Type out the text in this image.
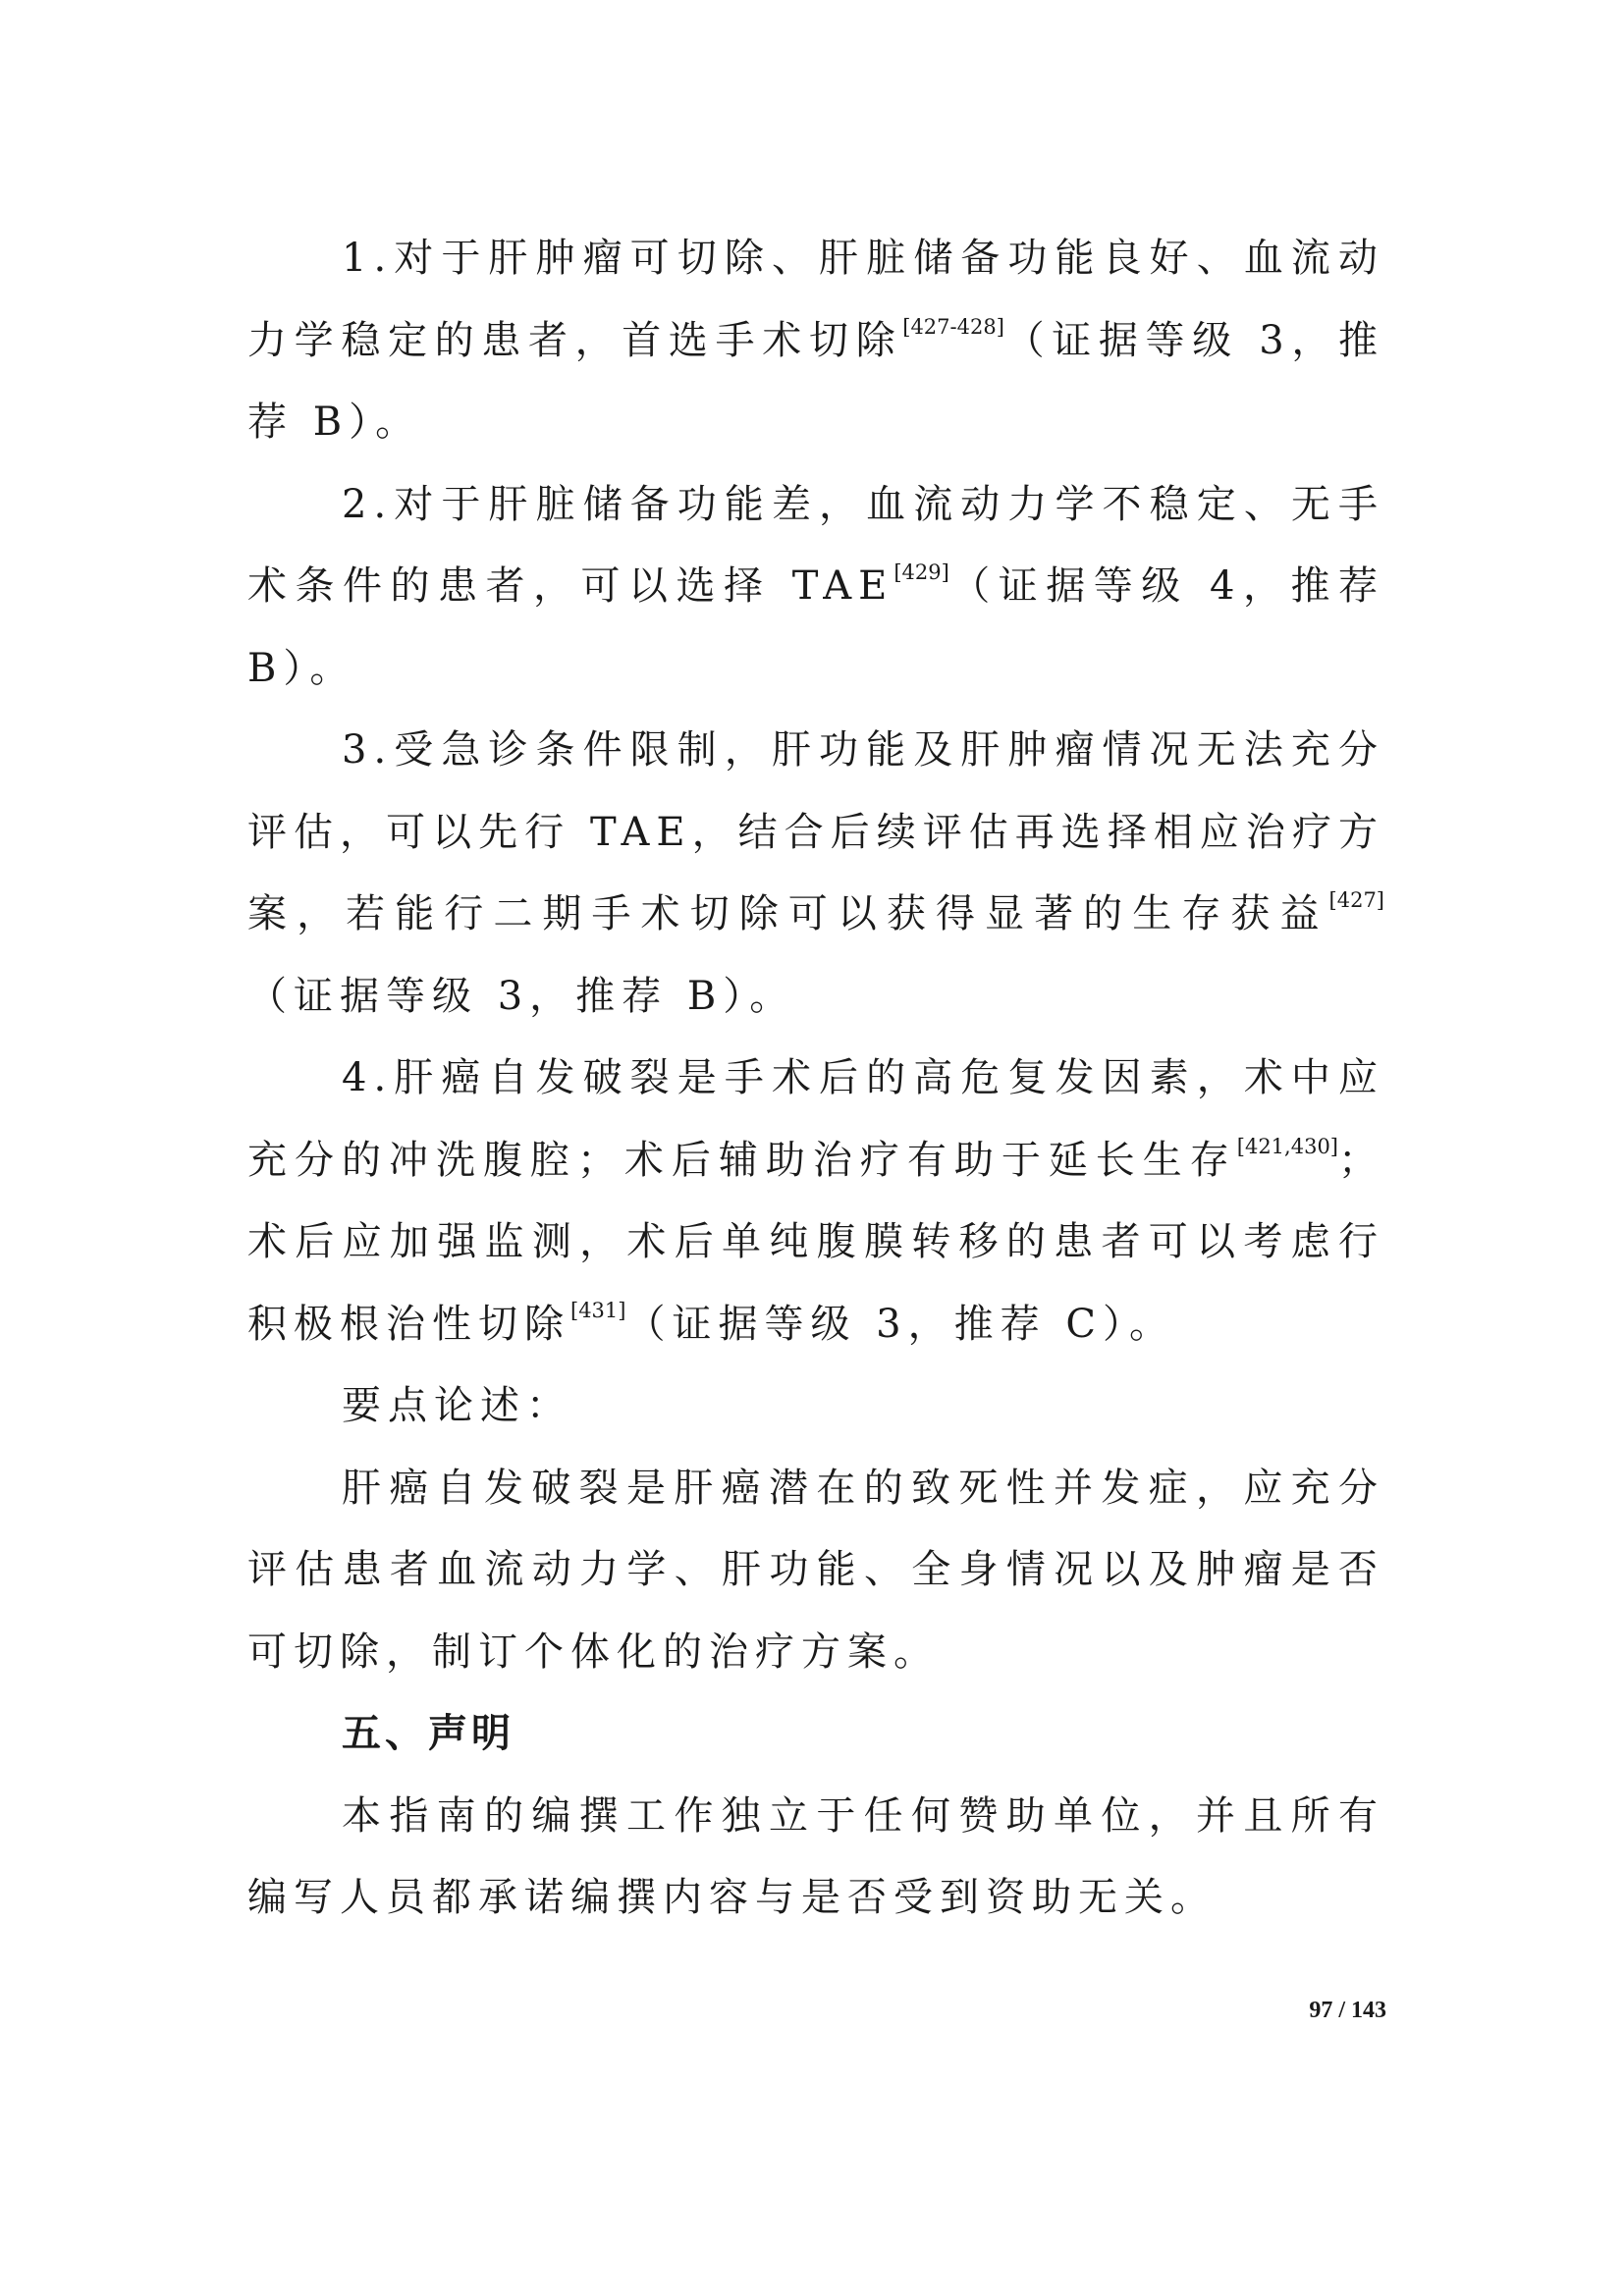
1.对于肝肿瘤可切除、肝脏储备功能良好、血流动力学稳定的患者，首选手术切除[427-428]（证据等级 3，推荐 B）。

2.对于肝脏储备功能差，血流动力学不稳定、无手术条件的患者，可以选择 TAE[429]（证据等级 4，推荐 B）。

3.受急诊条件限制，肝功能及肝肿瘤情况无法充分评估，可以先行 TAE，结合后续评估再选择相应治疗方案，若能行二期手术切除可以获得显著的生存获益[427]（证据等级 3，推荐 B）。

4.肝癌自发破裂是手术后的高危复发因素，术中应充分的冲洗腹腔；术后辅助治疗有助于延长生存[421,430]；术后应加强监测，术后单纯腹膜转移的患者可以考虑行积极根治性切除[431]（证据等级 3，推荐 C）。

要点论述：

肝癌自发破裂是肝癌潜在的致死性并发症，应充分评估患者血流动力学、肝功能、全身情况以及肿瘤是否可切除，制订个体化的治疗方案。

五、声明

本指南的编撰工作独立于任何赞助单位，并且所有编写人员都承诺编撰内容与是否受到资助无关。

97 / 143
